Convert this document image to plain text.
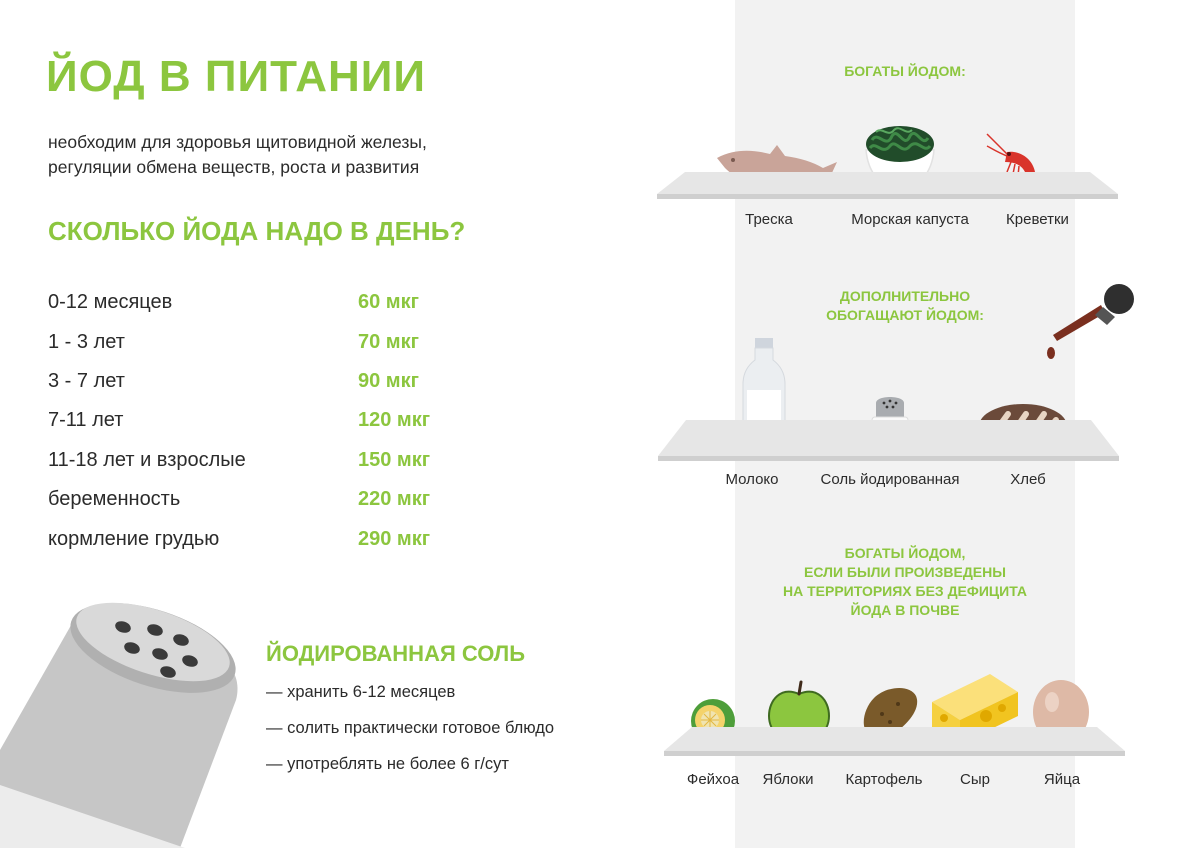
ЙОД В ПИТАНИИ
необходим для здоровья щитовидной железы,
регуляции обмена веществ, роста и развития
СКОЛЬКО ЙОДА НАДО В ДЕНЬ?
0-12 месяцев	60 мкг
1 - 3 лет	70 мкг
3 - 7 лет	90 мкг
7-11 лет	120 мкг
11-18 лет и взрослые	150 мкг
беременность	220 мкг
кормление грудью	290 мкг
ЙОДИРОВАННАЯ СОЛЬ
— хранить 6-12 месяцев
— солить практически готовое блюдо
— употреблять не более 6 г/сут
БОГАТЫ ЙОДОМ:
Треска	Морская капуста	Креветки
ДОПОЛНИТЕЛЬНО
ОБОГАЩАЮТ ЙОДОМ:
Молоко	Соль йодированная	Хлеб
БОГАТЫ ЙОДОМ,
ЕСЛИ БЫЛИ ПРОИЗВЕДЕНЫ
НА ТЕРРИТОРИЯХ БЕЗ ДЕФИЦИТА
ЙОДА В ПОЧВЕ
Фейхоа	Яблоки	Картофель	Сыр	Яйца
